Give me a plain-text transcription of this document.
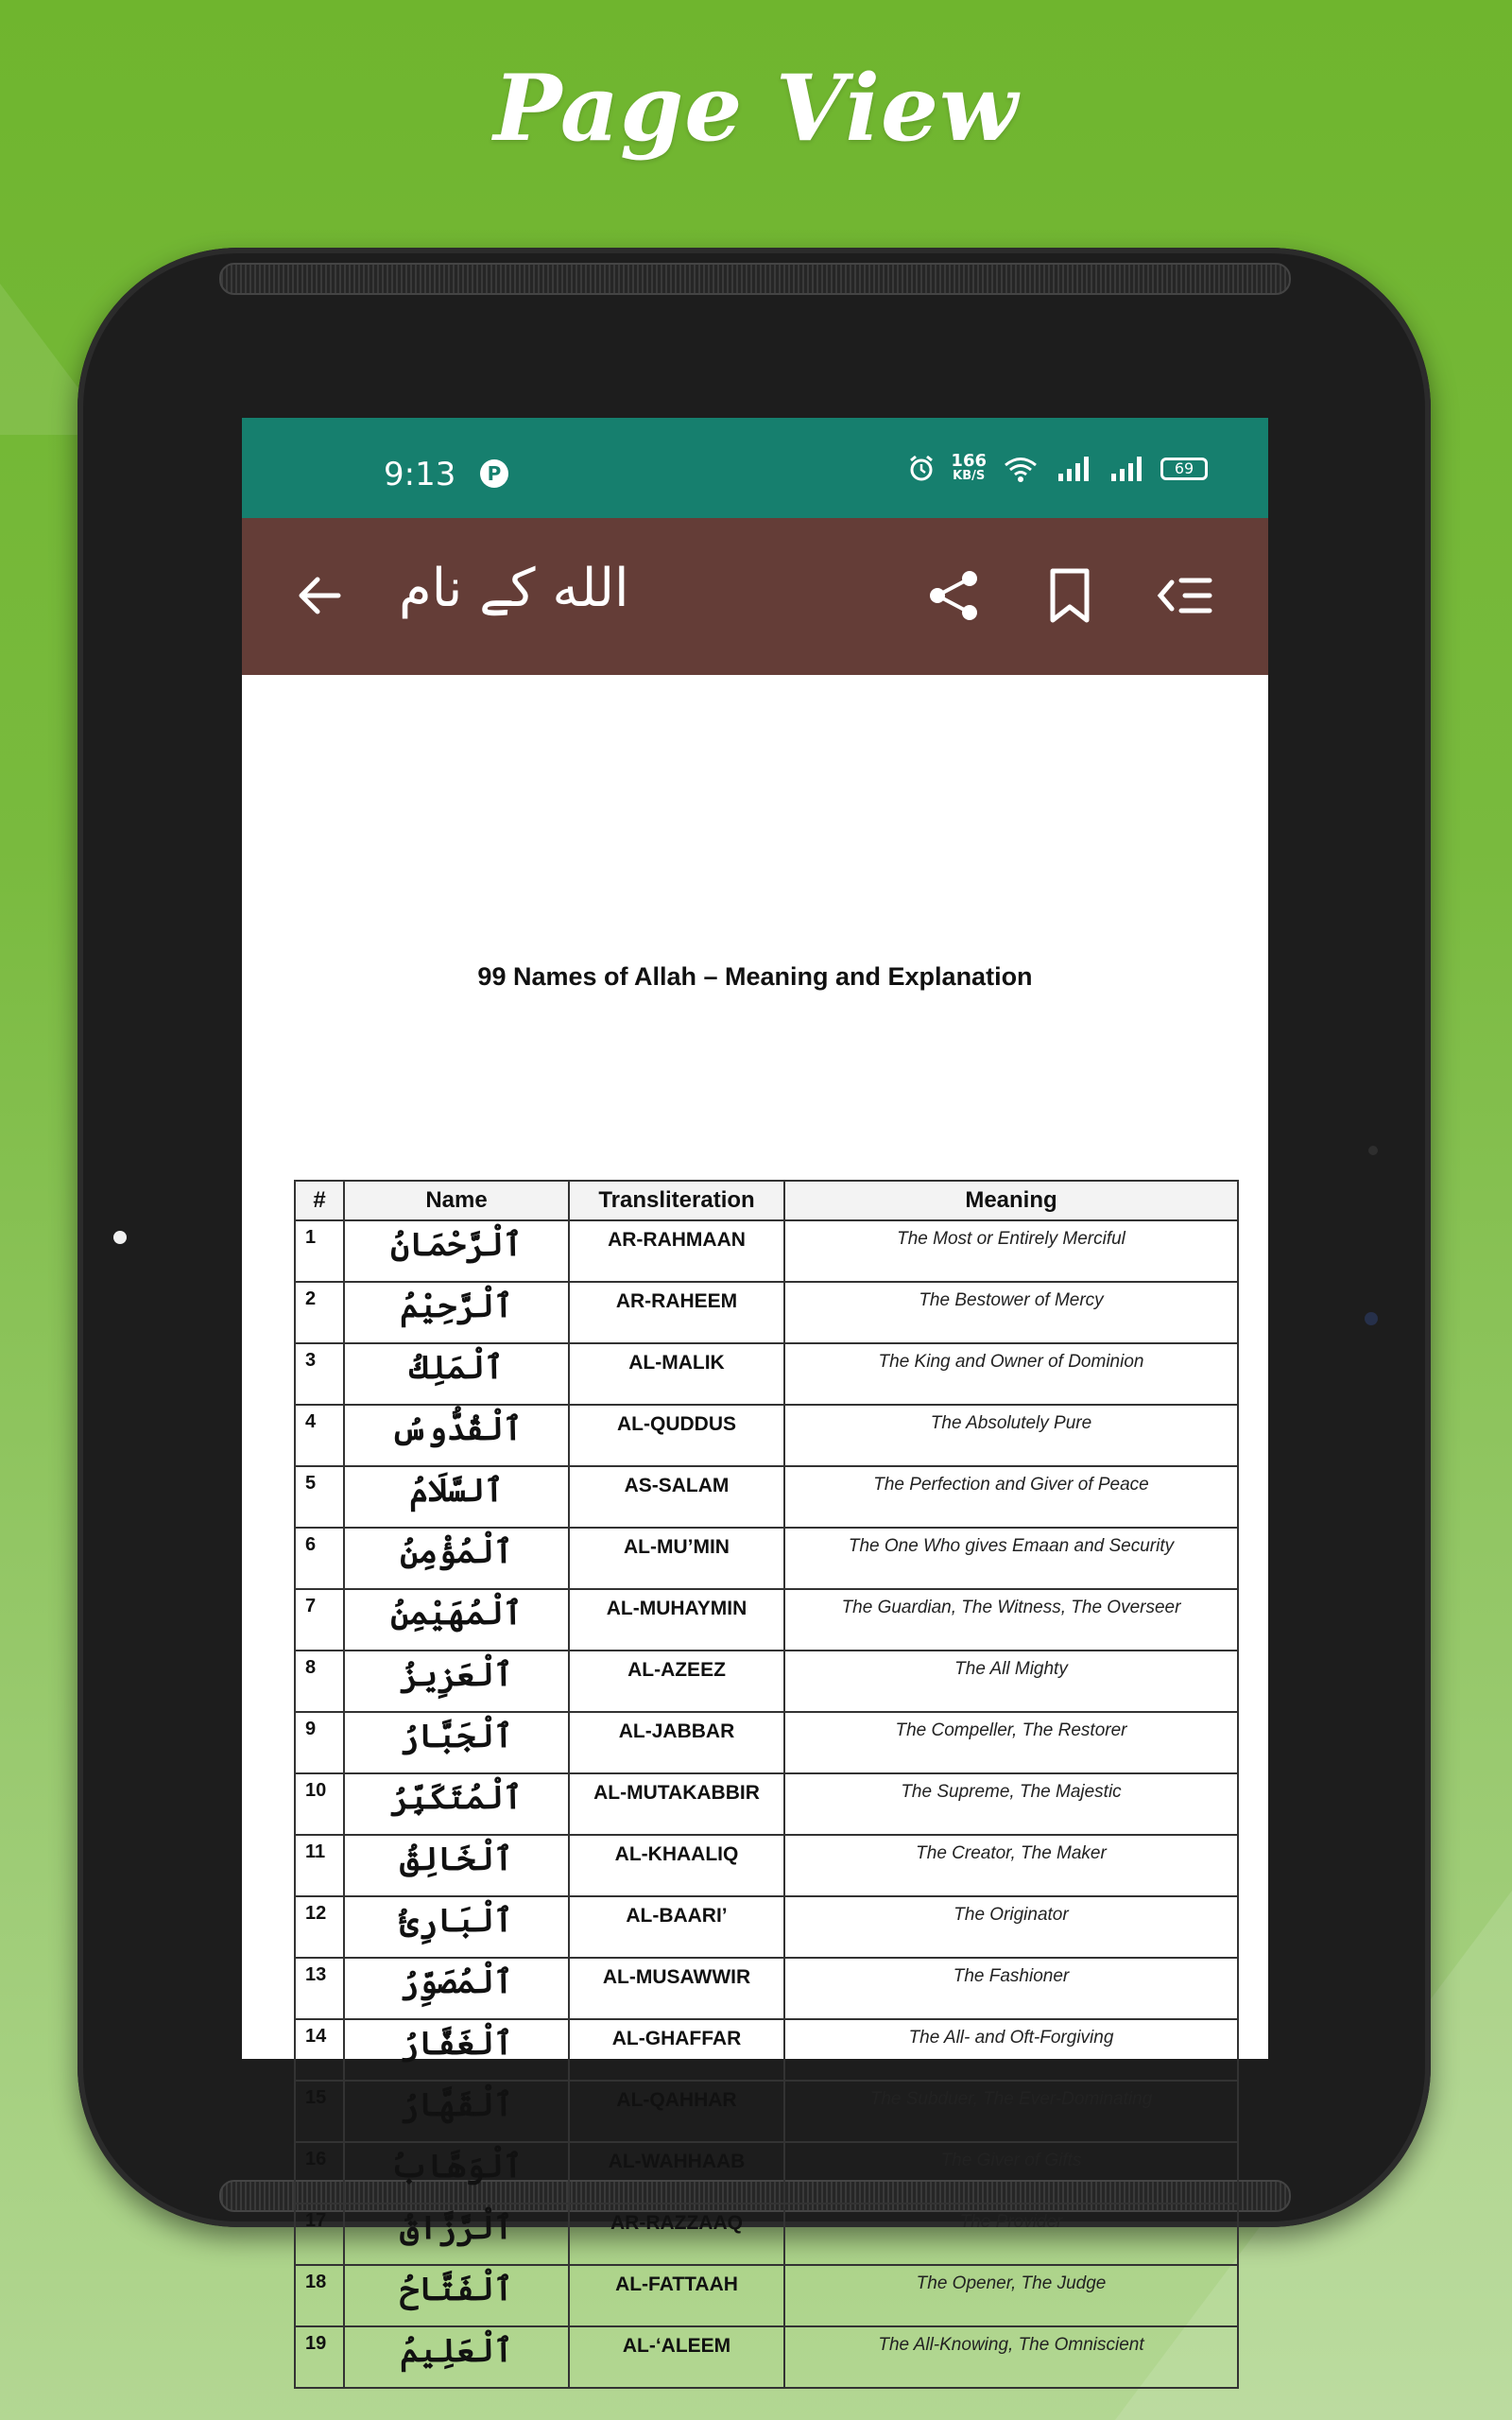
Page View
9:13	P
166
KB/S	69
الله کے نام
99 Names of Allah – Meaning and Explanation
#	Name	Transliteration	Meaning
1	ٱلْرَّحْمَانُ	AR-RAHMAAN	The Most or Entirely Merciful
2	ٱلْرَّحِيْمُ	AR-RAHEEM	The Bestower of Mercy
3	ٱلْمَلِكُ	AL-MALIK	The King and Owner of Dominion
4	ٱلْقُدُّوسُ	AL-QUDDUS	The Absolutely Pure
5	ٱلسَّلَامُ	AS-SALAM	The Perfection and Giver of Peace
6	ٱلْمُؤْمِنُ	AL-MU’MIN	The One Who gives Emaan and Security
7	ٱلْمُهَيْمِنُ	AL-MUHAYMIN	The Guardian, The Witness, The Overseer
8	ٱلْعَزِيزُ	AL-AZEEZ	The All Mighty
9	ٱلْجَبَّارُ	AL-JABBAR	The Compeller, The Restorer
10	ٱلْمُتَكَبِّرُ	AL-MUTAKABBIR	The Supreme, The Majestic
11	ٱلْخَالِقُ	AL-KHAALIQ	The Creator, The Maker
12	ٱلْبَارِئُ	AL-BAARI’	The Originator
13	ٱلْمُصَوِّرُ	AL-MUSAWWIR	The Fashioner
14	ٱلْغَفَّارُ	AL-GHAFFAR	The All- and Oft-Forgiving
15	ٱلْقَهَّارُ	AL-QAHHAR	The Subduer, The Ever-Dominating
16	ٱلْوَهَّابُ	AL-WAHHAAB	The Giver of Gifts
17	ٱلْرَّزَّاقُ	AR-RAZZAAQ	The Provider
18	ٱلْفَتَّاحُ	AL-FATTAAH	The Opener, The Judge
19	ٱلْعَلِيمُ	AL-‘ALEEM	The All-Knowing, The Omniscient
